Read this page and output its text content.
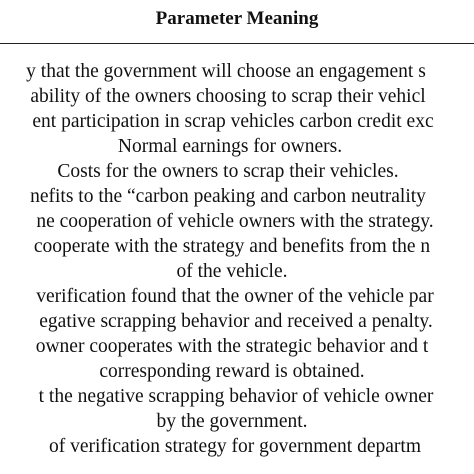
Parameter Meaning
y that the government will choose an engagement s
ability of the owners choosing to scrap their vehicl
ent participation in scrap vehicles carbon credit exc
Normal earnings for owners.
Costs for the owners to scrap their vehicles.
nefits to the “carbon peaking and carbon neutrality
ne cooperation of vehicle owners with the strategy.
cooperate with the strategy and benefits from the n
of the vehicle.
verification found that the owner of the vehicle par
egative scrapping behavior and received a penalty.
owner cooperates with the strategic behavior and t
corresponding reward is obtained.
t the negative scrapping behavior of vehicle owner
by the government.
of verification strategy for government departm
